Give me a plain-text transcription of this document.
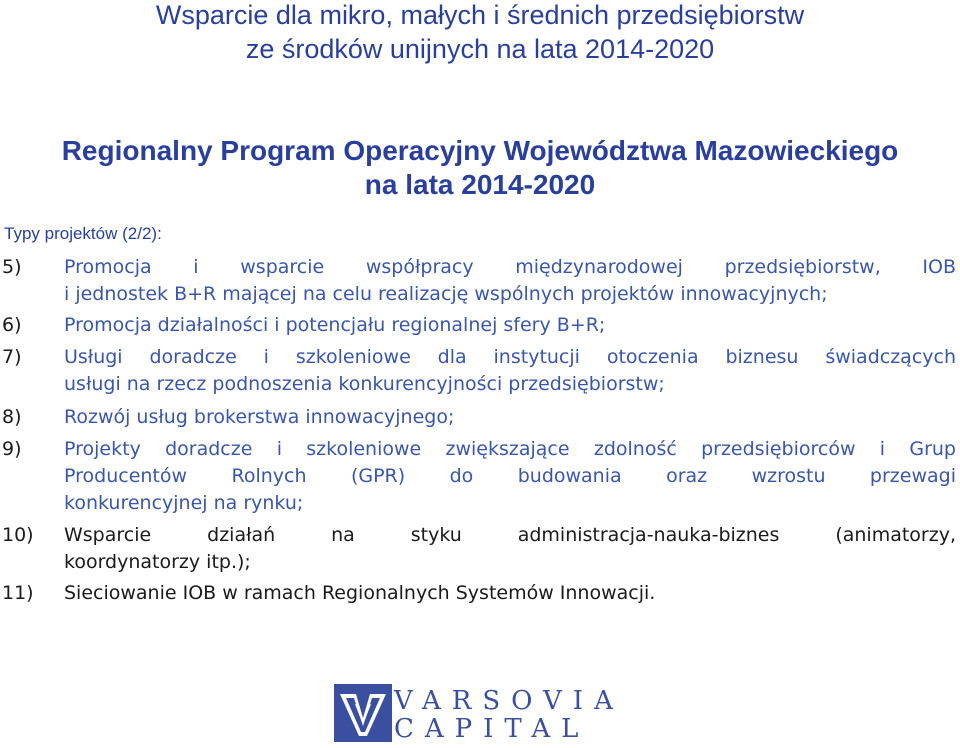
Wsparcie dla mikro, małych i średnich przedsiębiorstw
ze środków unijnych na lata 2014-2020
Regionalny Program Operacyjny Województwa Mazowieckiego
na lata 2014-2020
Typy projektów (2/2):
5)	Promocja i wsparcie współpracy międzynarodowej przedsiębiorstw, IOB
i jednostek B+R mającej na celu realizację wspólnych projektów innowacyjnych;
6)	Promocja działalności i potencjału regionalnej sfery B+R;
7)	Usługi doradcze i szkoleniowe dla instytucji otoczenia biznesu świadczących
usługi na rzecz podnoszenia konkurencyjności przedsiębiorstw;
8)	Rozwój usług brokerstwa innowacyjnego;
9)	Projekty doradcze i szkoleniowe zwiększające zdolność przedsiębiorców i Grup
Producentów Rolnych (GPR) do budowania oraz wzrostu przewagi
konkurencyjnej na rynku;
10)	Wsparcie działań na styku administracja-nauka-biznes (animatorzy,
koordynatorzy itp.);
11)	Sieciowanie IOB w ramach Regionalnych Systemów Innowacji.
VARSOVIA
CAPITAL
